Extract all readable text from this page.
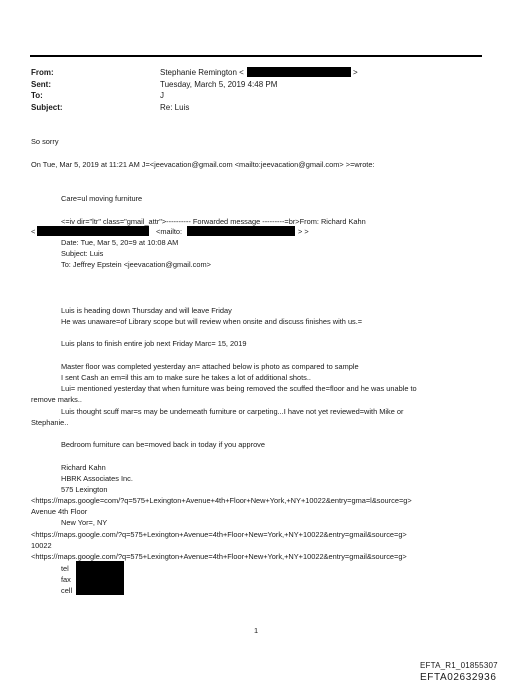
From:	Stephanie Remington <	>
Sent:	Tuesday, March 5, 2019 4:48 PM
To:	J
Subject:	Re: Luis
So sorry
On Tue, Mar 5, 2019 at 11:21 AM J=<jeevacation@gmail.com <mailto:jeevacation@gmail.com> >=wrote:
Care=ul moving furniture
<=iv dir="ltr" class="gmail_attr">---------- Forwarded message ---------=br>From: Richard Kahn
<	<mailto:	> >
Date: Tue, Mar 5, 20=9 at 10:08 AM
Subject: Luis
To: Jeffrey Epstein <jeevacation@gmail.com>
Luis is heading down Thursday and will leave Friday
He was unaware=of Library scope but will review when onsite and discuss finishes with us.=
Luis plans to finish entire job next Friday Marc= 15, 2019
Master floor was completed yesterday an= attached below is photo as compared to sample
I sent Cash an em=il this am to make sure he takes a lot of additional shots..
Lui= mentioned yesterday that when furniture was being removed the scuffed the=floor and he was unable to
remove marks..
Luis thought scuff mar=s may be underneath furniture or carpeting...I have not yet reviewed=with Mike or
Stephanie..
Bedroom furniture can be=moved back in today if you approve
Richard Kahn
HBRK Associates Inc.
575 Lexington
<https://maps.google=com/?q=575+Lexington+Avenue+4th+Floor+New+York,+NY+10022&entry=gma=l&source=g>
Avenue 4th Floor
New Yor=, NY
<https://maps.google.com/?q=575+Lexington+Avenue=4th+Floor+New=York,+NY+10022&entry=gmail&source=g>
10022
<https://maps.google.com/?q=575+Lexington+Avenue=4th+Floor+New+York,+NY+10022&entry=gmail&source=g>
tel
fax
cell
1
EFTA_R1_01855307
EFTA02632936
